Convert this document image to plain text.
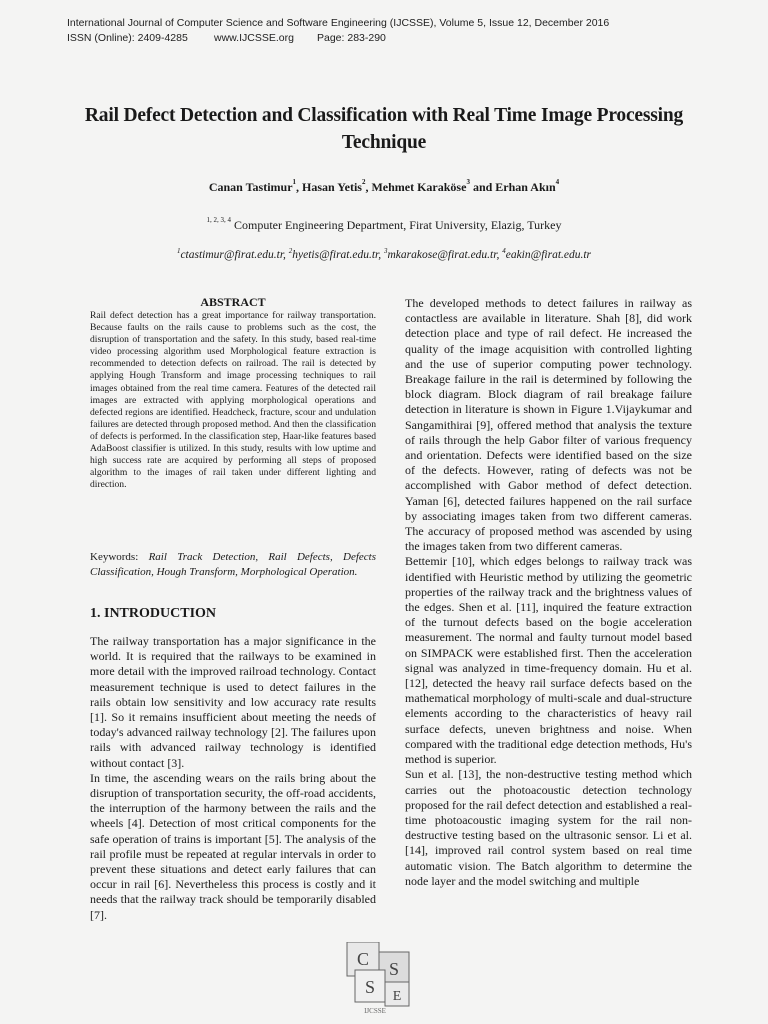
International Journal of Computer Science and Software Engineering (IJCSSE), Volume 5, Issue 12, December 2016
ISSN (Online): 2409-4285 www.IJCSSE.org Page: 283-290
Rail Defect Detection and Classification with Real Time Image Processing Technique
Canan Tastimur$^1$, Hasan Yetis$^2$, Mehmet Karaköse$^3$ and Erhan Akın$^4$
$^{1, 2, 3, 4}$ Computer Engineering Department, Firat University, Elazig, Turkey
$^1$ctastimur@firat.edu.tr, $^2$hyetis@firat.edu.tr, $^3$mkarakose@firat.edu.tr, $^4$eakin@firat.edu.tr
ABSTRACT
Rail defect detection has a great importance for railway transportation. Because faults on the rails cause to problems such as the cost, the disruption of transportation and the safety. In this study, based real-time video processing algorithm used Morphological feature extraction is recommended to detection defects on railroad. The rail is detected by applying Hough Transform and image processing techniques to rail images obtained from the real time camera. Features of the detected rail images are extracted with applying morphological operations and defected regions are identified. Headcheck, fracture, scour and undulation failures are detected through proposed method. And then the classification of defects is performed. In the classification step, Haar-like features based AdaBoost classifier is utilized. In this study, results with low uptime and high success rate are acquired by performing all steps of proposed algorithm to the images of rail taken under different lighting and direction.
Keywords: Rail Track Detection, Rail Defects, Defects Classification, Hough Transform, Morphological Operation.
1. INTRODUCTION

The railway transportation has a major significance in the world. It is required that the railways to be examined in more detail with the improved railroad technology. Contact measurement technique is used to detect failures in the rails obtain low sensitivity and low accuracy rate results [1]. So it remains insufficient about meeting the needs of today's advanced railway technology [2]. The failures upon rails with advanced railway technology is identified without contact [3].

In time, the ascending wears on the rails bring about the disruption of transportation security, the off-road accidents, the interruption of the harmony between the rails and the wheels [4]. Detection of most critical components for the safe operation of trains is important [5]. The analysis of the rail profile must be repeated at regular intervals in order to prevent these situations and detect early failures that can occur in rail [6]. Nevertheless this process is costly and it needs that the railway track should be temporarily disabled [7].

The developed methods to detect failures in railway as contactless are available in literature. Shah [8], did work detection place and type of rail defect. He increased the quality of the image acquisition with controlled lighting and the use of superior computing power technology. Breakage failure in the rail is determined by following the block diagram. Block diagram of rail breakage failure detection in literature is shown in Figure 1.Vijaykumar and Sangamithirai [9], offered method that analysis the texture of rails through the help Gabor filter of various frequency and orientation. Defects were identified based on the size of the defects. However, rating of defects was not be accomplished with Gabor method of defect detection. Yaman [6], detected failures happened on the rail surface by associating images taken from two different cameras. The accuracy of proposed method was ascended by using the images taken from two different cameras.

Bettemir [10], which edges belongs to railway track was identified with Heuristic method by utilizing the geometric properties of the railway track and the brightness values of the edges. Shen et al. [11], inquired the feature extraction of the turnout defects based on the bogie acceleration measurement. The normal and faulty turnout model based on SIMPACK were established first. Then the acceleration signal was analyzed in time-frequency domain. Hu et al. [12], detected the heavy rail surface defects based on the mathematical morphology of multi-scale and dual-structure elements according to the characteristics of heavy rail surface defects, uneven brightness and noise. When compared with the traditional edge detection methods, Hu's method is superior.

Sun et al. [13], the non-destructive testing method which carries out the photoacoustic detection technology proposed for the rail defect detection and established a real-time photoacoustic imaging system for the rail non-destructive testing based on the ultrasonic sensor. Li et al. [14], improved rail control system based on real time automatic vision. The Batch algorithm to determine the node layer and the model switching and multiple

C S
S E
IJCSSE
